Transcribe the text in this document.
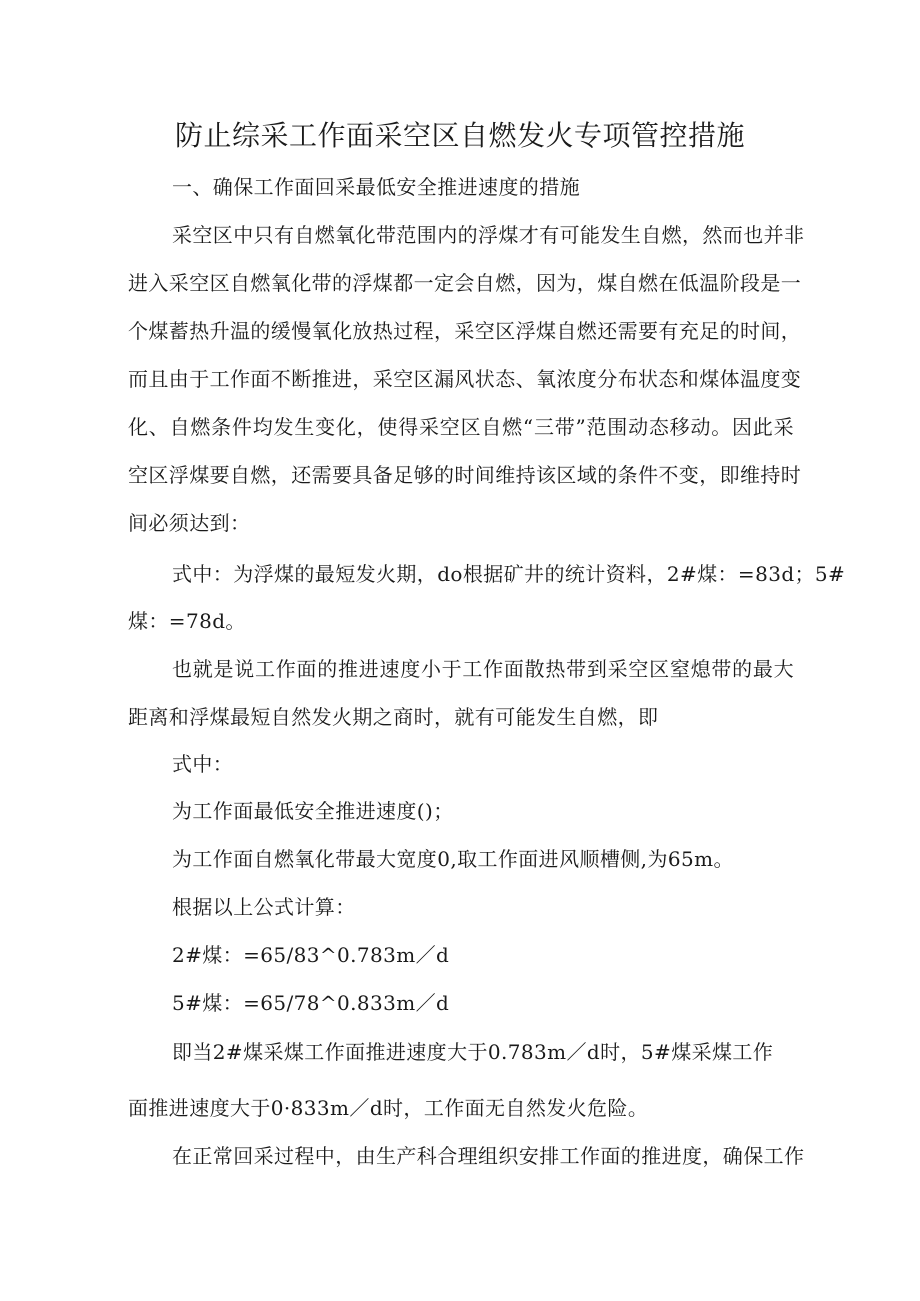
防止综采工作面采空区自燃发火专项管控措施
一、确保工作面回采最低安全推进速度的措施
采空区中只有自燃氧化带范围内的浮煤才有可能发生自燃，然而也并非
进入采空区自燃氧化带的浮煤都一定会自燃，因为，煤自燃在低温阶段是一
个煤蓄热升温的缓慢氧化放热过程，采空区浮煤自燃还需要有充足的时间，
而且由于工作面不断推进，采空区漏风状态、氧浓度分布状态和煤体温度变
化、自燃条件均发生变化，使得采空区自燃“三带”范围动态移动。因此采
空区浮煤要自燃，还需要具备足够的时间维持该区域的条件不变，即维持时
间必须达到：
式中：为浮煤的最短发火期，do根据矿井的统计资料，2#煤：=83d；5#
煤：=78d。
也就是说工作面的推进速度小于工作面散热带到采空区窒熄带的最大
距离和浮煤最短自然发火期之商时，就有可能发生自燃，即
式中：
为工作面最低安全推进速度()；
为工作面自燃氧化带最大宽度0,取工作面进风顺槽侧,为65m。
根据以上公式计算：
2#煤：=65/83^0.783m／d
5#煤：=65/78^0.833m／d
即当2#煤采煤工作面推进速度大于0.783m／d时，5#煤采煤工作
面推进速度大于0·833m／d时，工作面无自然发火危险。
在正常回采过程中，由生产科合理组织安排工作面的推进度，确保工作
